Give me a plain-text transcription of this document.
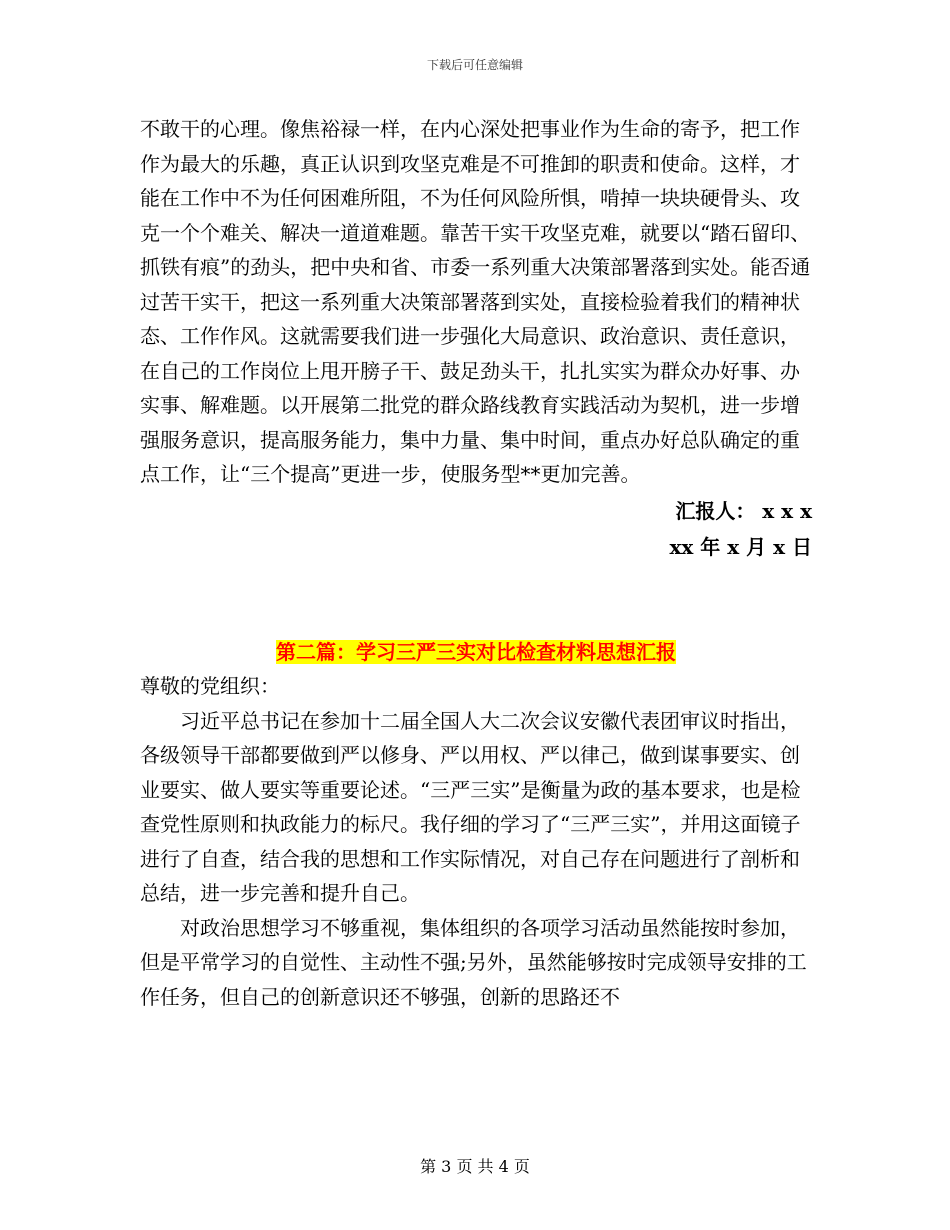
下载后可任意编辑

不敢干的心理。像焦裕禄一样，在内心深处把事业作为生命的寄予，把工作作为最大的乐趣，真正认识到攻坚克难是不可推卸的职责和使命。这样，才能在工作中不为任何困难所阻，不为任何风险所惧，啃掉一块块硬骨头、攻克一个个难关、解决一道道难题。靠苦干实干攻坚克难，就要以“踏石留印、抓铁有痕”的劲头，把中央和省、市委一系列重大决策部署落到实处。能否通过苦干实干，把这一系列重大决策部署落到实处，直接检验着我们的精神状态、工作作风。这就需要我们进一步强化大局意识、政治意识、责任意识，在自己的工作岗位上甩开膀子干、鼓足劲头干，扎扎实实为群众办好事、办实事、解难题。以开展第二批党的群众路线教育实践活动为契机，进一步增强服务意识，提高服务能力，集中力量、集中时间，重点办好总队确定的重点工作，让“三个提高”更进一步，使服务型**更加完善。

汇报人： x x x

xx 年 x 月 x 日

第二篇：学习三严三实对比检查材料思想汇报

尊敬的党组织：

习近平总书记在参加十二届全国人大二次会议安徽代表团审议时指出，各级领导干部都要做到严以修身、严以用权、严以律己，做到谋事要实、创业要实、做人要实等重要论述。“三严三实”是衡量为政的基本要求，也是检查党性原则和执政能力的标尺。我仔细的学习了“三严三实”，并用这面镜子进行了自查，结合我的思想和工作实际情况，对自己存在问题进行了剖析和总结，进一步完善和提升自己。

对政治思想学习不够重视，集体组织的各项学习活动虽然能按时参加，但是平常学习的自觉性、主动性不强;另外，虽然能够按时完成领导安排的工作任务，但自己的创新意识还不够强，创新的思路还不

第 3 页 共 4 页
